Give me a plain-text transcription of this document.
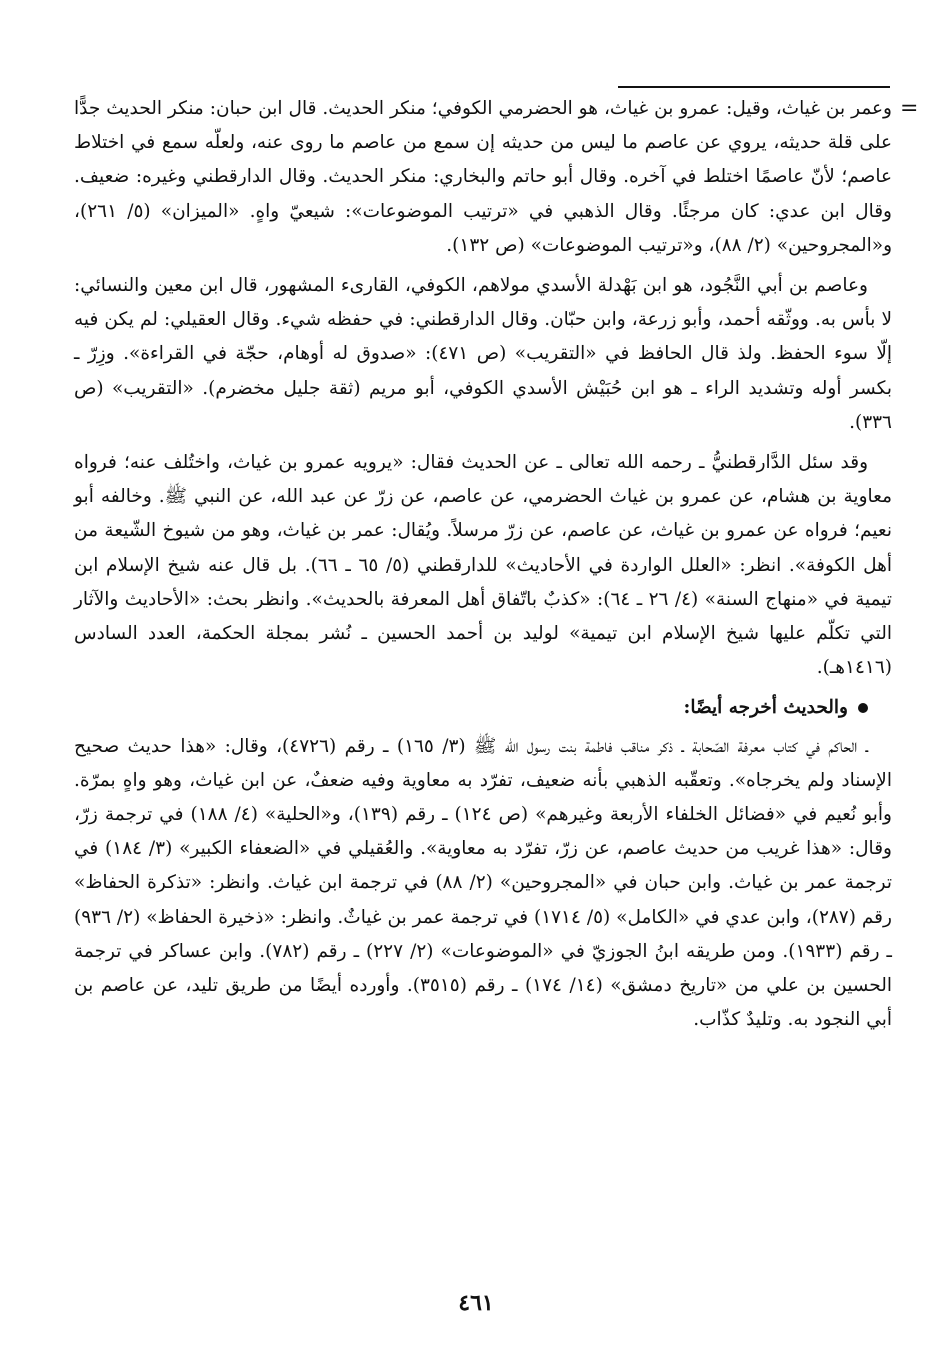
=

وعمر بن غياث، وقيل: عمرو بن غياث، هو الحضرمي الكوفي؛ منكر الحديث. قال ابن حبان: منكر الحديث جدًّا على قلة حديثه، يروي عن عاصم ما ليس من حديثه إن سمع من عاصم ما روى عنه، ولعلّه سمع في اختلاط عاصم؛ لأنّ عاصمًا اختلط في آخره. وقال أبو حاتم والبخاري: منكر الحديث. وقال الدارقطني وغيره: ضعيف. وقال ابن عدي: كان مرجئًا. وقال الذهبي في «ترتيب الموضوعات»: شيعيّ واهٍ. «الميزان» (٥/ ٢٦١)، و«المجروحين» (٢/ ٨٨)، و«ترتيب الموضوعات» (ص ١٣٢).

وعاصم بن أبي النَّجُود، هو ابن بَهْدلة الأسدي مولاهم، الكوفي، القارىء المشهور، قال ابن معين والنسائي: لا بأس به. ووثّقه أحمد، وأبو زرعة، وابن حبّان. وقال الدارقطني: في حفظه شيء. وقال العقيلي: لم يكن فيه إلّا سوء الحفظ. ولذ قال الحافظ في «التقريب» (ص ٤٧١): «صدوق له أوهام، حجّة في القراءة». وزِرّ ـ بكسر أوله وتشديد الراء ـ هو ابن حُبَيْش الأسدي الكوفي، أبو مريم (ثقة جليل مخضرم). «التقريب» (ص ٣٣٦).

وقد سئل الدَّارقطنيُّ ـ رحمه الله تعالى ـ عن الحديث فقال: «يرويه عمرو بن غياث، واختُلف عنه؛ فرواه معاوية بن هشام، عن عمرو بن غياث الحضرمي، عن عاصم، عن زرّ عن عبد الله، عن النبي ﷺ. وخالفه أبو نعيم؛ فرواه عن عمرو بن غياث، عن عاصم، عن زرّ مرسلاً. ويُقال: عمر بن غياث، وهو من شيوخ الشّيعة من أهل الكوفة». انظر: «العلل الواردة في الأحاديث» للدارقطني (٥/ ٦٥ ـ ٦٦). بل قال عنه شيخ الإسلام ابن تيمية في «منهاج السنة» (٤/ ٢٦ ـ ٦٤): «كذبٌ باتّفاق أهل المعرفة بالحديث». وانظر بحث: «الأحاديث والآثار التي تكلّم عليها شيخ الإسلام ابن تيمية» لوليد بن أحمد الحسين ـ نُشر بمجلة الحكمة، العدد السادس (١٤١٦هـ).

والحديث أخرجه أيضًا:

ـ الحاكم في كتاب معرفة الصّحابة ـ ذكر مناقب فاطمة بنت رسول الله ﷺ (٣/ ١٦٥) ـ رقم (٤٧٢٦)، وقال: «هذا حديث صحيح الإسناد ولم يخرجاه». وتعقّبه الذهبي بأنه ضعيف، تفرّد به معاوية وفيه ضعفٌ، عن ابن غياث، وهو واهٍ بمرّة. وأبو نُعيم في «فضائل الخلفاء الأربعة وغيرهم» (ص ١٢٤) ـ رقم (١٣٩)، و«الحلية» (٤/ ١٨٨) في ترجمة زرّ، وقال: «هذا غريب من حديث عاصم، عن زرّ، تفرّد به معاوية». والعُقيلي في «الضعفاء الكبير» (٣/ ١٨٤) في ترجمة عمر بن غياث. وابن حبان في «المجروحين» (٢/ ٨٨) في ترجمة ابن غياث. وانظر: «تذكرة الحفاظ» رقم (٢٨٧)، وابن عدي في «الكامل» (٥/ ١٧١٤) في ترجمة عمر بن غياثٌ. وانظر: «ذخيرة الحفاظ» (٢/ ٩٣٦) ـ رقم (١٩٣٣). ومن طريقه ابنُ الجوزيّ في «الموضوعات» (٢/ ٢٢٧) ـ رقم (٧٨٢). وابن عساكر في ترجمة الحسين بن علي من «تاريخ دمشق» (١٤/ ١٧٤) ـ رقم (٣٥١٥). وأورده أيضًا من طريق تليد، عن عاصم بن أبي النجود به. وتليدٌ كذّاب.

٤٦١
